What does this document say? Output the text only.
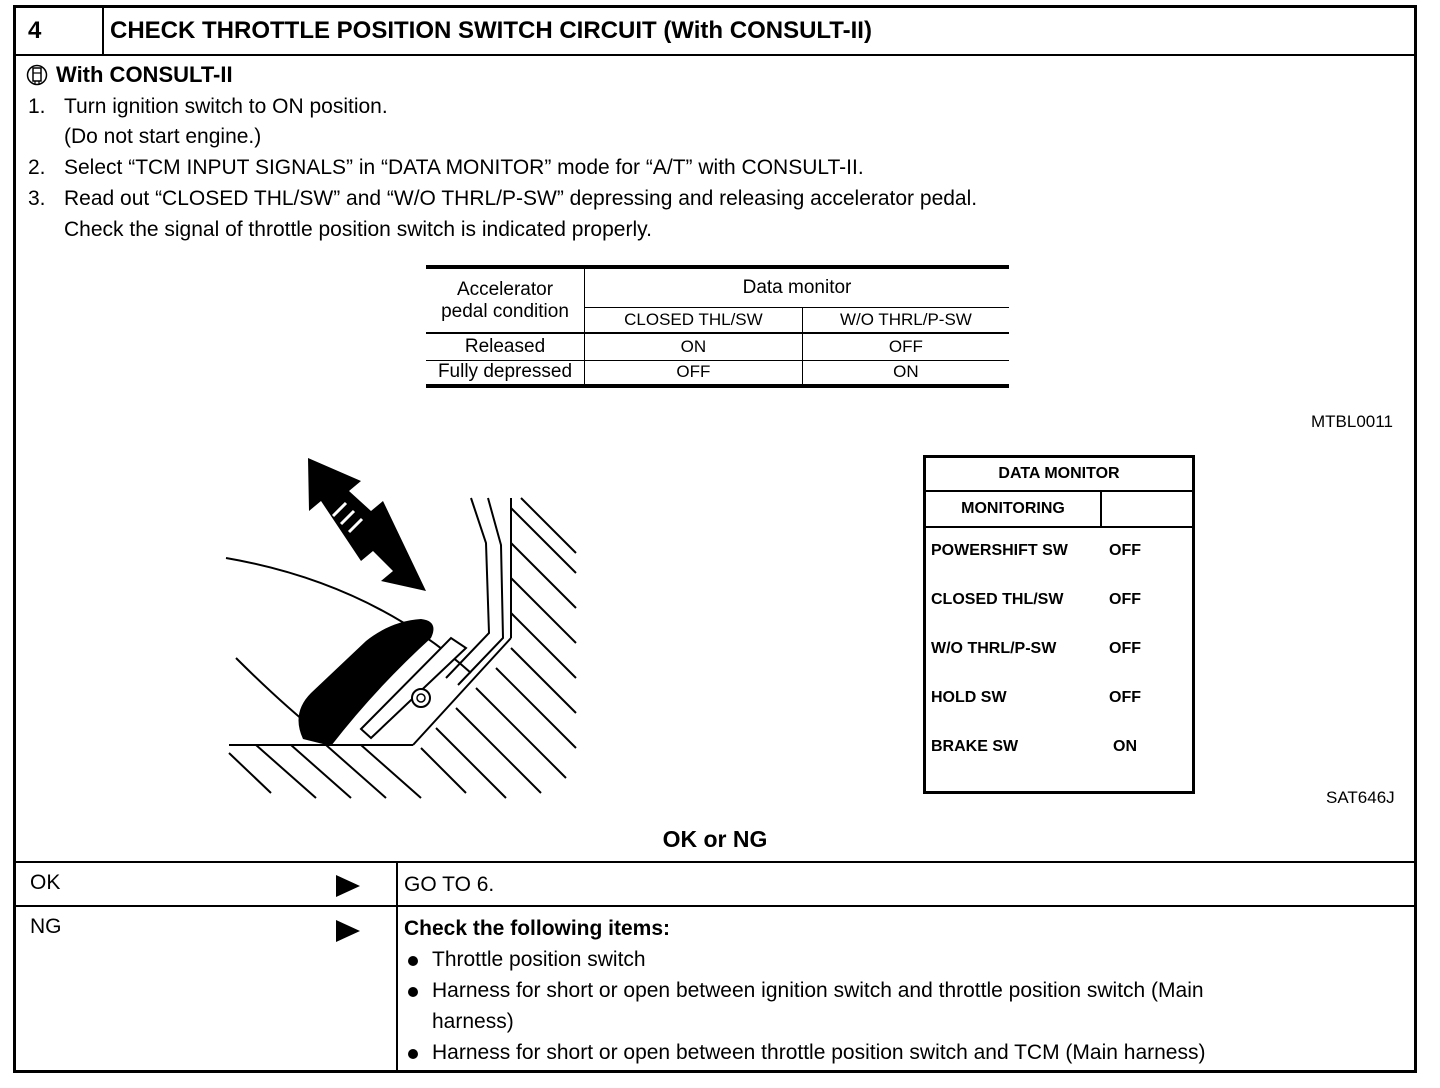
4	CHECK THROTTLE POSITION SWITCH CIRCUIT (With CONSULT-II)
With CONSULT-II
1. Turn ignition switch to ON position.
(Do not start engine.)
2. Select “TCM INPUT SIGNALS” in “DATA MONITOR” mode for “A/T” with CONSULT-II.
3. Read out “CLOSED THL/SW” and “W/O THRL/P-SW” depressing and releasing accelerator pedal.
Check the signal of throttle position switch is indicated properly.
Accelerator
pedal condition	Data monitor	
	CLOSED THL/SW	W/O THRL/P-SW
Released	ON	OFF
Fully depressed	OFF	ON
MTBL0011
DATA MONITOR
MONITORING
POWERSHIFT SW	OFF
CLOSED THL/SW	OFF
W/O THRL/P-SW	OFF
HOLD SW	OFF
BRAKE SW	ON
SAT646J
OK or NG
OK	GO TO 6.
NG	Check the following items:
Throttle position switch
Harness for short or open between ignition switch and throttle position switch (Main
harness)
Harness for short or open between throttle position switch and TCM (Main harness)
